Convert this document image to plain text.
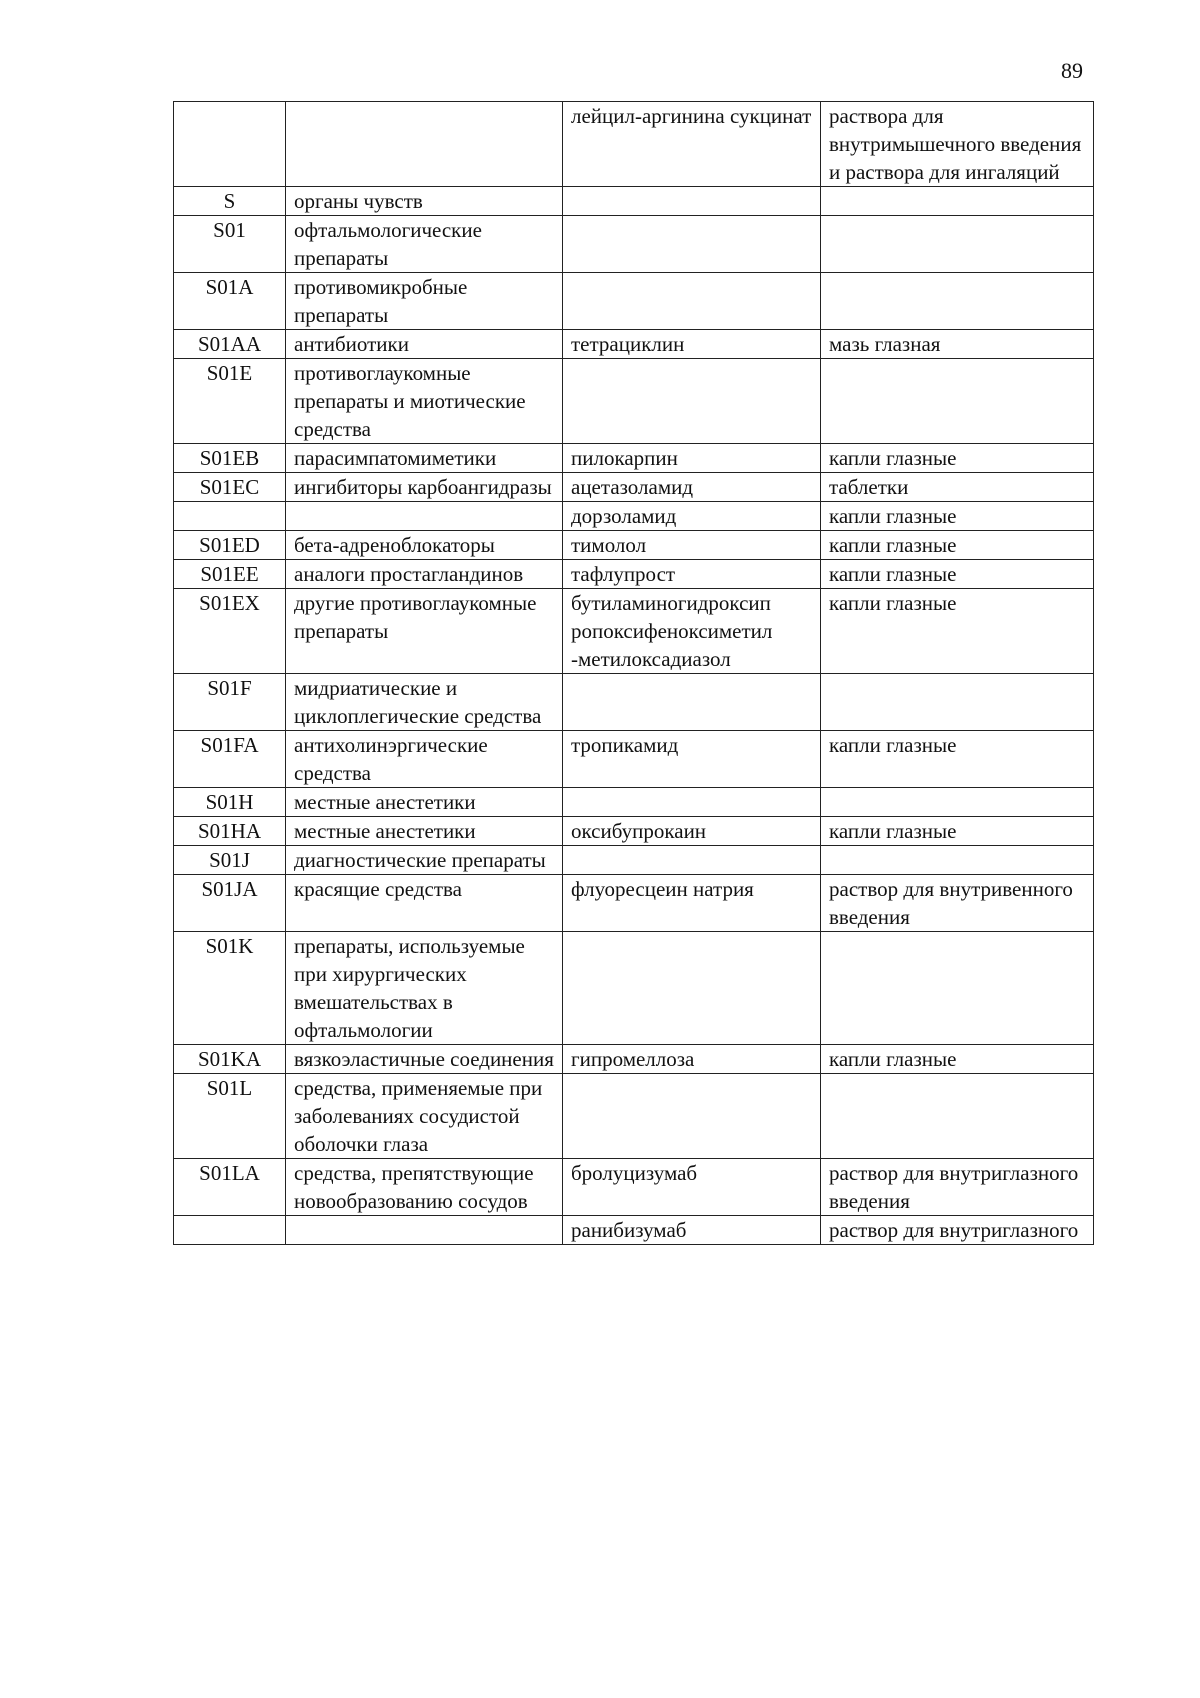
89
		лейцил-аргинина сукцинат	раствора для внутримышечного введения и раствора для ингаляций
S	органы чувств		
S01	офтальмологические препараты		
S01A	противомикробные препараты		
S01AA	антибиотики	тетрациклин	мазь глазная
S01E	противоглаукомные препараты и миотические средства		
S01EB	парасимпатомиметики	пилокарпин	капли глазные
S01EC	ингибиторы карбоангидразы	ацетазоламид	таблетки
		дорзоламид	капли глазные
S01ED	бета-адреноблокаторы	тимолол	капли глазные
S01EE	аналоги простагландинов	тафлупрост	капли глазные
S01EX	другие противоглаукомные препараты	бутиламиногидроксип ропоксифеноксиметил -метилоксадиазол	капли глазные
S01F	мидриатические и циклоплегические средства		
S01FA	антихолинэргические средства	тропикамид	капли глазные
S01H	местные анестетики		
S01HA	местные анестетики	оксибупрокаин	капли глазные
S01J	диагностические препараты		
S01JA	красящие средства	флуоресцеин натрия	раствор для внутривенного введения
S01K	препараты, используемые при хирургических вмешательствах в офтальмологии		
S01KA	вязкоэластичные соединения	гипромеллоза	капли глазные
S01L	средства, применяемые при заболеваниях сосудистой оболочки глаза		
S01LA	средства, препятствующие новообразованию сосудов	бролуцизумаб	раствор для внутриглазного введения
		ранибизумаб	раствор для внутриглазного
